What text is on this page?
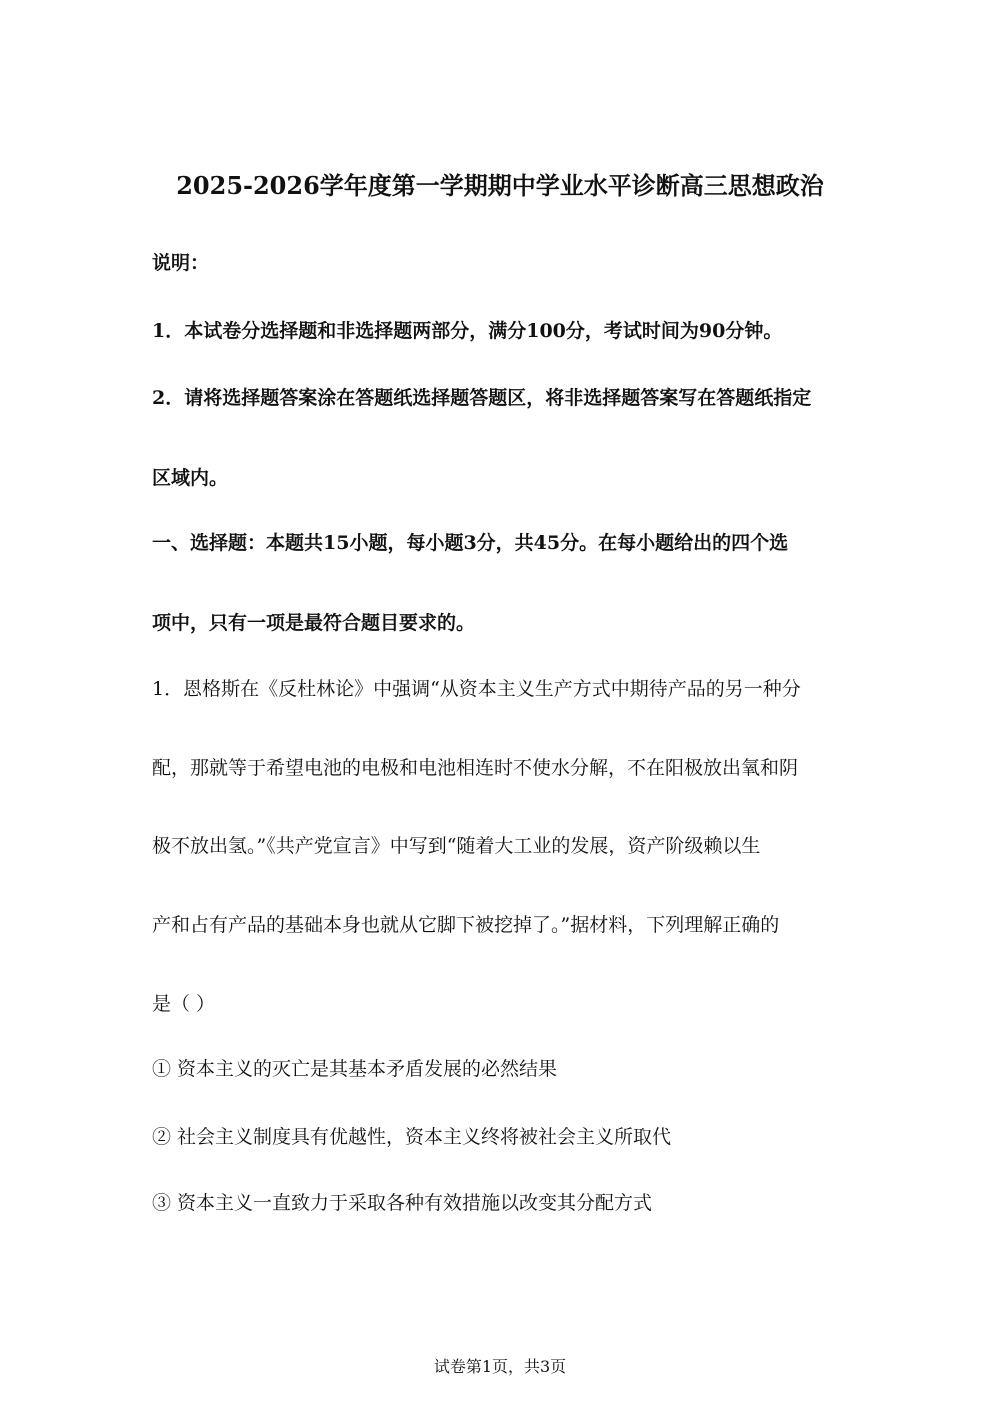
2025-2026学年度第一学期期中学业水平诊断高三思想政治
说明：
1．本试卷分选择题和非选择题两部分，满分100分，考试时间为90分钟。
2．请将选择题答案涂在答题纸选择题答题区，将非选择题答案写在答题纸指定
区域内。
一、选择题：本题共15小题，每小题3分，共45分。在每小题给出的四个选
项中，只有一项是最符合题目要求的。
1．恩格斯在《反杜林论》中强调“从资本主义生产方式中期待产品的另一种分
配，那就等于希望电池的电极和电池相连时不使水分解，不在阳极放出氧和阴
极不放出氢。”《共产党宣言》中写到“随着大工业的发展，资产阶级赖以生
产和占有产品的基础本身也就从它脚下被挖掉了。”据材料，下列理解正确的
是（ ）
① 资本主义的灭亡是其基本矛盾发展的必然结果
② 社会主义制度具有优越性，资本主义终将被社会主义所取代
③ 资本主义一直致力于采取各种有效措施以改变其分配方式
试卷第1页，共3页
